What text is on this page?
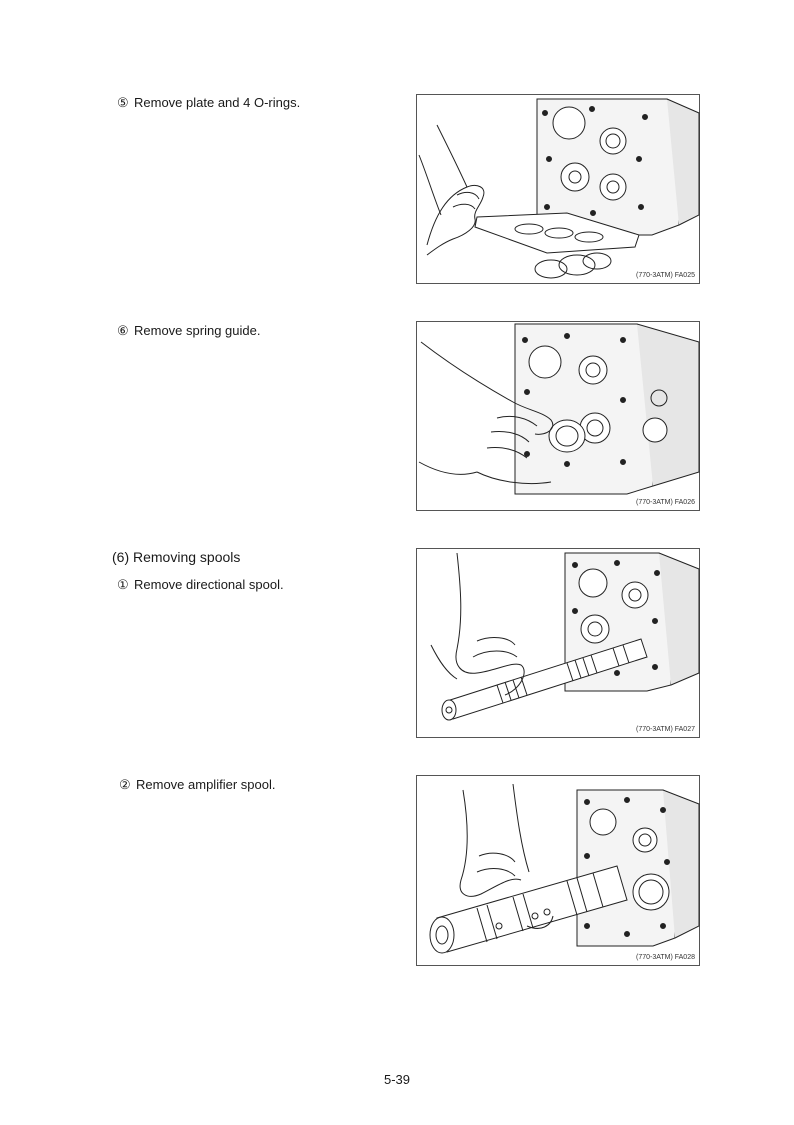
⑤ Remove plate and 4 O-rings.
(770-3ATM) FA025
⑥ Remove spring guide.
(770-3ATM) FA026
(6) Removing spools
① Remove directional spool.
(770-3ATM) FA027
② Remove amplifier spool.
(770-3ATM) FA028
5-39
